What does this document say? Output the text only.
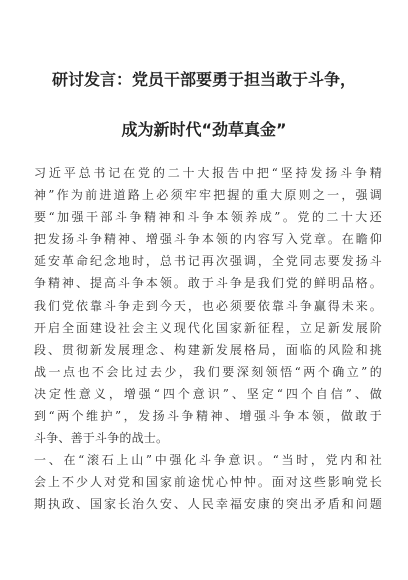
研讨发言：党员干部要勇于担当敢于斗争，
成为新时代“劲草真金”
习近平总书记在党的二十大报告中把“坚持发扬斗争精
神”作为前进道路上必须牢牢把握的重大原则之一，强调
要“加强干部斗争精神和斗争本领养成”。党的二十大还
把发扬斗争精神、增强斗争本领的内容写入党章。在瞻仰
延安革命纪念地时，总书记再次强调，全党同志要发扬斗
争精神、提高斗争本领。敢于斗争是我们党的鲜明品格。
我们党依靠斗争走到今天，也必须要依靠斗争赢得未来。
开启全面建设社会主义现代化国家新征程，立足新发展阶
段、贯彻新发展理念、构建新发展格局，面临的风险和挑
战一点也不会比过去少，我们要深刻领悟“两个确立”的
决定性意义，增强“四个意识”、坚定“四个自信”、做
到“两个维护”，发扬斗争精神、增强斗争本领，做敢于
斗争、善于斗争的战士。
一、在“滚石上山”中强化斗争意识。“当时，党内和社
会上不少人对党和国家前途忧心忡忡。面对这些影响党长
期执政、国家长治久安、人民幸福安康的突出矛盾和问题
